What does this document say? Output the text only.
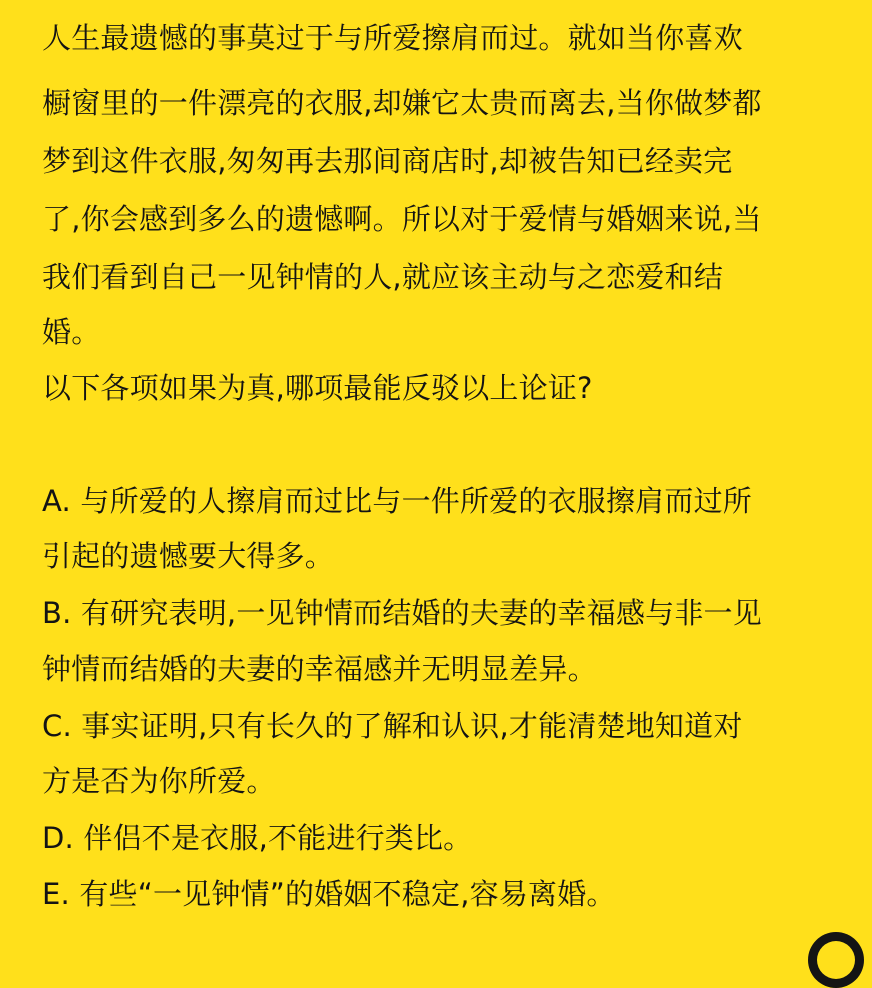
人生最遗憾的事莫过于与所爱擦肩而过。就如当你喜欢
橱窗里的一件漂亮的衣服,却嫌它太贵而离去,当你做梦都
梦到这件衣服,匆匆再去那间商店时,却被告知已经卖完
了,你会感到多么的遗憾啊。所以对于爱情与婚姻来说,当
我们看到自己一见钟情的人,就应该主动与之恋爱和结
婚。
以下各项如果为真,哪项最能反驳以上论证?
A. 与所爱的人擦肩而过比与一件所爱的衣服擦肩而过所
引起的遗憾要大得多。
B. 有研究表明,一见钟情而结婚的夫妻的幸福感与非一见
钟情而结婚的夫妻的幸福感并无明显差异。
C. 事实证明,只有长久的了解和认识,才能清楚地知道对
方是否为你所爱。
D. 伴侣不是衣服,不能进行类比。
E. 有些“一见钟情”的婚姻不稳定,容易离婚。
